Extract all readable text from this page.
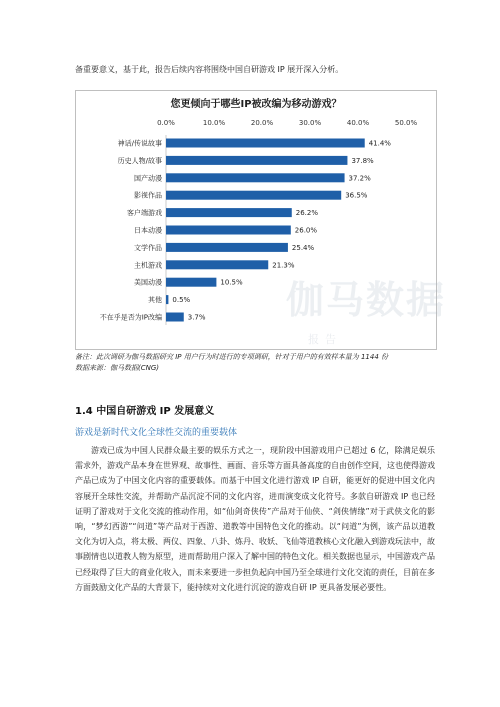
备重要意义，基于此，报告后续内容将围绕中国自研游戏 IP 展开深入分析。
伽马数据
报告
您更倾向于哪些IP被改编为移动游戏？
0.0%	10.0%	20.0%	30.0%	40.0%	50.0%
神话/传说故事	41.4%
历史人物/故事	37.8%
国产动漫	37.2%
影视作品	36.5%
客户端游戏	26.2%
日本动漫	26.0%
文学作品	25.4%
主机游戏	21.3%
美国动漫	10.5%
其他 0.5%
不在乎是否为IP改编	3.7%
备注：此次调研为伽马数据研究 IP 用户行为时进行的专项调研，针对于用户的有效样本量为 1144 份
数据来源：伽马数据(CNG)
1.4 中国自研游戏 IP 发展意义
游戏是新时代文化全球性交流的重要载体
游戏已成为中国人民群众最主要的娱乐方式之一，现阶段中国游戏用户已超过 6 亿，除满足娱乐需求外，游戏产品本身在世界观、故事性、画面、音乐等方面具备高度的自由创作空间，这也使得游戏产品已成为了中国文化内容的重要载体。而基于中国文化进行游戏 IP 自研，能更好的促进中国文化内容展开全球性交流，并帮助产品沉淀不同的文化内容，进而演变成文化符号。多款自研游戏 IP 也已经证明了游戏对于文化交流的推动作用，如“仙剑奇侠传”产品对于仙侠、“剑侠情缘”对于武侠文化的影响，“梦幻西游”“问道”等产品对于西游、道教等中国特色文化的推动。以“问道”为例，该产品以道教文化为切入点，将太极、两仪、四象、八卦、炼丹、收妖、飞仙等道教核心文化融入到游戏玩法中，故事剧情也以道教人物为原型，进而帮助用户深入了解中国的特色文化。相关数据也显示，中国游戏产品已经取得了巨大的商业化收入，而未来要进一步担负起向中国乃至全球进行文化交流的责任，目前在多方面鼓励文化产品的大背景下，能持续对文化进行沉淀的游戏自研 IP 更具备发展必要性。
